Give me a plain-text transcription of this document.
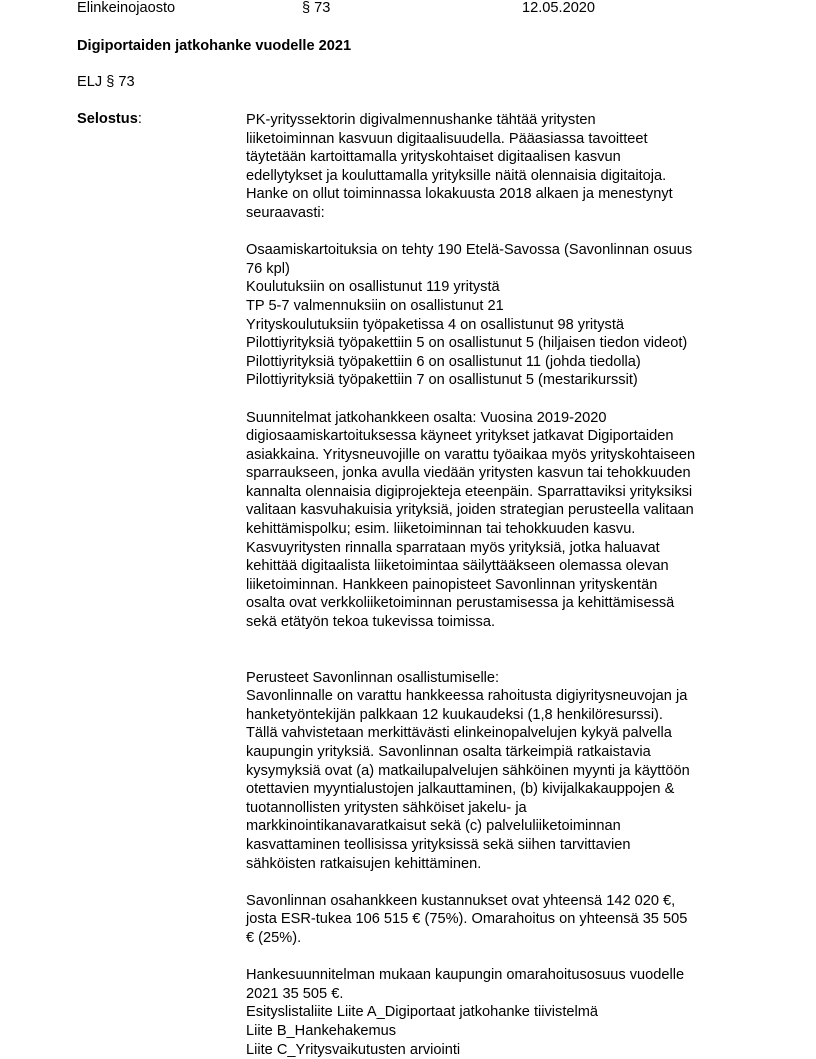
Elinkeinojaosto	§ 73	12.05.2020
Digiportaiden jatkohanke vuodelle 2021
ELJ § 73
Selostus:	PK-yrityssektorin digivalmennushanke tähtää yritysten

liiketoiminnan kasvuun digitaalisuudella. Pääasiassa tavoitteet

täytetään kartoittamalla yrityskohtaiset digitaalisen kasvun

edellytykset ja kouluttamalla yrityksille näitä olennaisia digitaitoja.

Hanke on ollut toiminnassa lokakuusta 2018 alkaen ja menestynyt

seuraavasti:

Osaamiskartoituksia on tehty 190 Etelä-Savossa (Savonlinnan osuus

76 kpl)

Koulutuksiin on osallistunut 119 yritystä

TP 5-7 valmennuksiin on osallistunut 21

Yrityskoulutuksiin työpaketissa 4 on osallistunut 98 yritystä

Pilottiyrityksiä työpakettiin 5 on osallistunut 5 (hiljaisen tiedon videot)

Pilottiyrityksiä työpakettiin 6 on osallistunut 11 (johda tiedolla)

Pilottiyrityksiä työpakettiin 7 on osallistunut 5 (mestarikurssit)

Suunnitelmat jatkohankkeen osalta: Vuosina 2019-2020

digiosaamiskartoituksessa käyneet yritykset jatkavat Digiportaiden

asiakkaina. Yritysneuvojille on varattu työaikaa myös yrityskohtaiseen

sparraukseen, jonka avulla viedään yritysten kasvun tai tehokkuuden

kannalta olennaisia digiprojekteja eteenpäin. Sparrattaviksi yrityksiksi

valitaan kasvuhakuisia yrityksiä, joiden strategian perusteella valitaan

kehittämispolku; esim. liiketoiminnan tai tehokkuuden kasvu.

Kasvuyritysten rinnalla sparrataan myös yrityksiä, jotka haluavat

kehittää digitaalista liiketoimintaa säilyttääkseen olemassa olevan

liiketoiminnan. Hankkeen painopisteet Savonlinnan yrityskentän

osalta ovat verkkoliiketoiminnan perustamisessa ja kehittämisessä

sekä etätyön tekoa tukevissa toimissa.

Perusteet Savonlinnan osallistumiselle:

Savonlinnalle on varattu hankkeessa rahoitusta digiyritysneuvojan ja

hanketyöntekijän palkkaan 12 kuukaudeksi (1,8 henkilöresurssi).

Tällä vahvistetaan merkittävästi elinkeinopalvelujen kykyä palvella

kaupungin yrityksiä. Savonlinnan osalta tärkeimpiä ratkaistavia

kysymyksiä ovat (a) matkailupalvelujen sähköinen myynti ja käyttöön

otettavien myyntialustojen jalkauttaminen, (b) kivijalkakauppojen &

tuotannollisten yritysten sähköiset jakelu- ja

markkinointikanavaratkaisut sekä (c) palveluliiketoiminnan

kasvattaminen teollisissa yrityksissä sekä siihen tarvittavien

sähköisten ratkaisujen kehittäminen.

Savonlinnan osahankkeen kustannukset ovat yhteensä 142 020 €,

josta ESR-tukea 106 515 € (75%). Omarahoitus on yhteensä 35 505

€ (25%).

Hankesuunnitelman mukaan kaupungin omarahoitusosuus vuodelle

2021 35 505 €.

Esityslistaliite Liite A_Digiportaat jatkohanke tiivistelmä

Liite B_Hankehakemus

Liite C_Yritysvaikutusten arviointi
